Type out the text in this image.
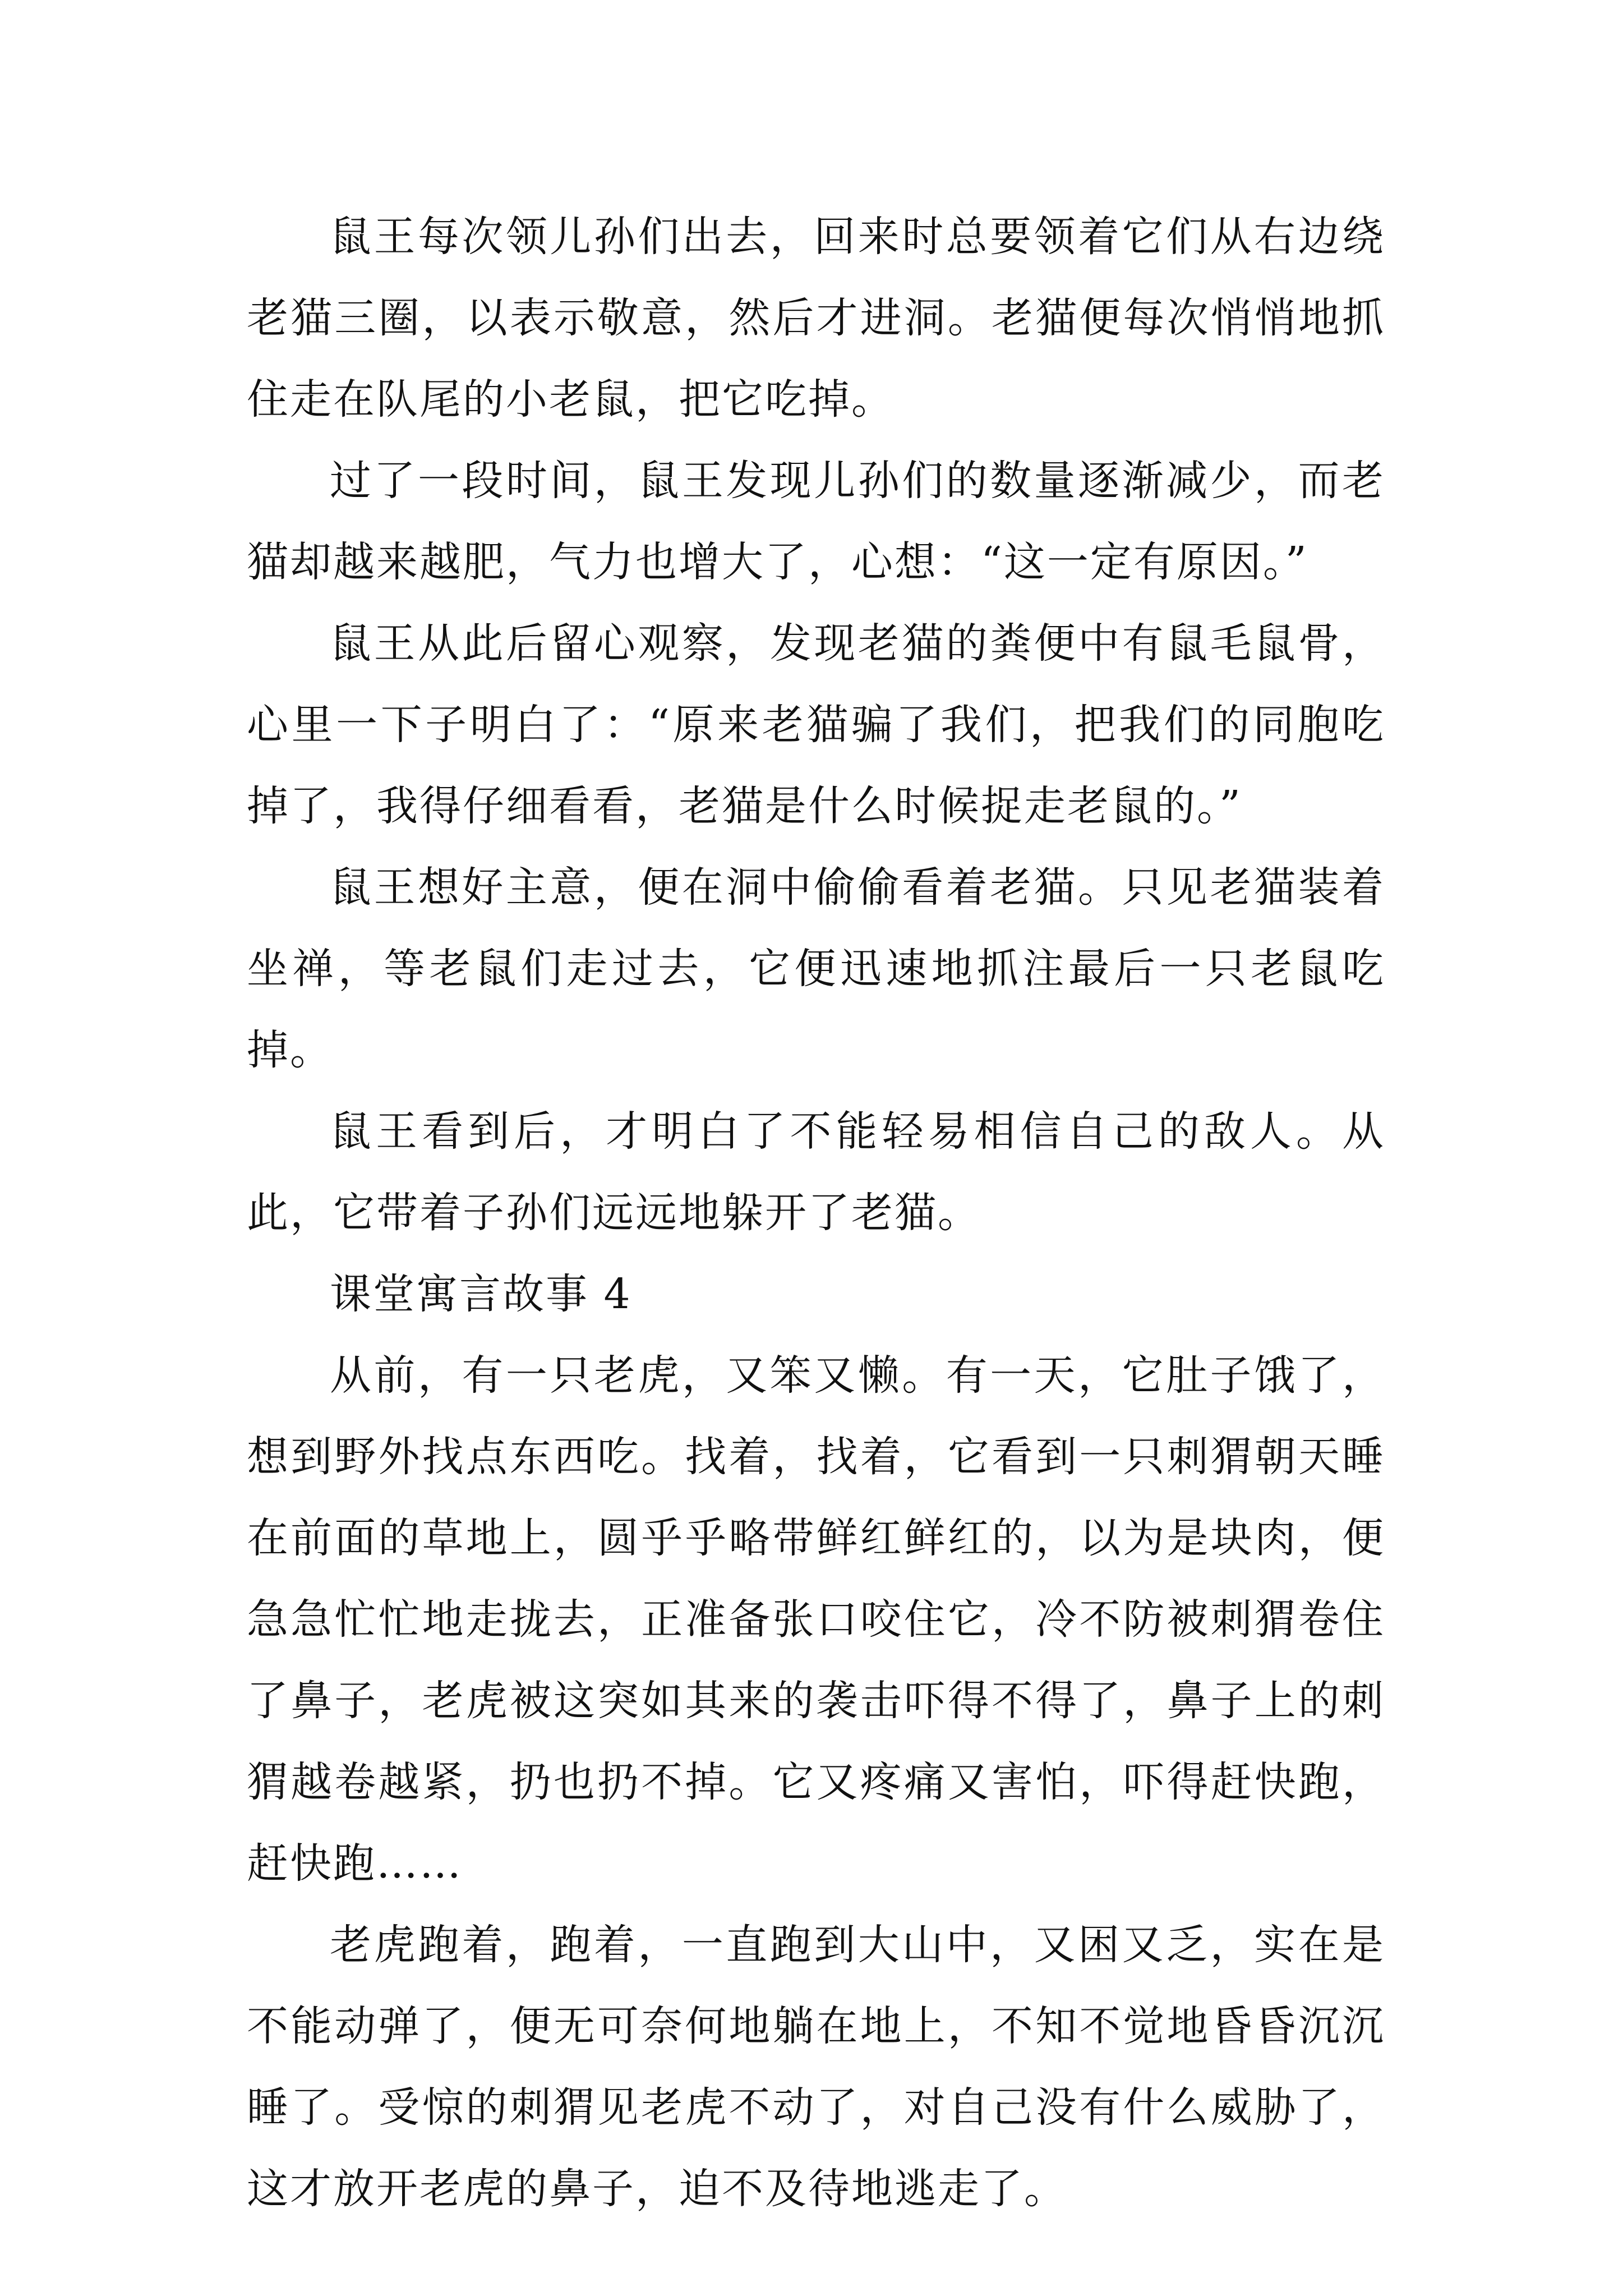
鼠王每次领儿孙们出去，回来时总要领着它们从右边绕老猫三圈，以表示敬意，然后才进洞。老猫便每次悄悄地抓住走在队尾的小老鼠，把它吃掉。

过了一段时间，鼠王发现儿孙们的数量逐渐减少，而老猫却越来越肥，气力也增大了，心想：“这一定有原因。”

鼠王从此后留心观察，发现老猫的粪便中有鼠毛鼠骨，心里一下子明白了：“原来老猫骗了我们，把我们的同胞吃掉了，我得仔细看看，老猫是什么时候捉走老鼠的。”

鼠王想好主意，便在洞中偷偷看着老猫。只见老猫装着坐禅，等老鼠们走过去，它便迅速地抓注最后一只老鼠吃掉。

鼠王看到后，才明白了不能轻易相信自己的敌人。从此，它带着子孙们远远地躲开了老猫。

课堂寓言故事 4

从前，有一只老虎，又笨又懒。有一天，它肚子饿了，想到野外找点东西吃。找着，找着，它看到一只刺猬朝天睡在前面的草地上，圆乎乎略带鲜红鲜红的，以为是块肉，便急急忙忙地走拢去，正准备张口咬住它，冷不防被刺猬卷住了鼻子，老虎被这突如其来的袭击吓得不得了，鼻子上的刺猬越卷越紧，扔也扔不掉。它又疼痛又害怕，吓得赶快跑，赶快跑……

老虎跑着，跑着，一直跑到大山中，又困又乏，实在是不能动弹了，便无可奈何地躺在地上，不知不觉地昏昏沉沉睡了。受惊的刺猬见老虎不动了，对自己没有什么威胁了，这才放开老虎的鼻子，迫不及待地逃走了。
